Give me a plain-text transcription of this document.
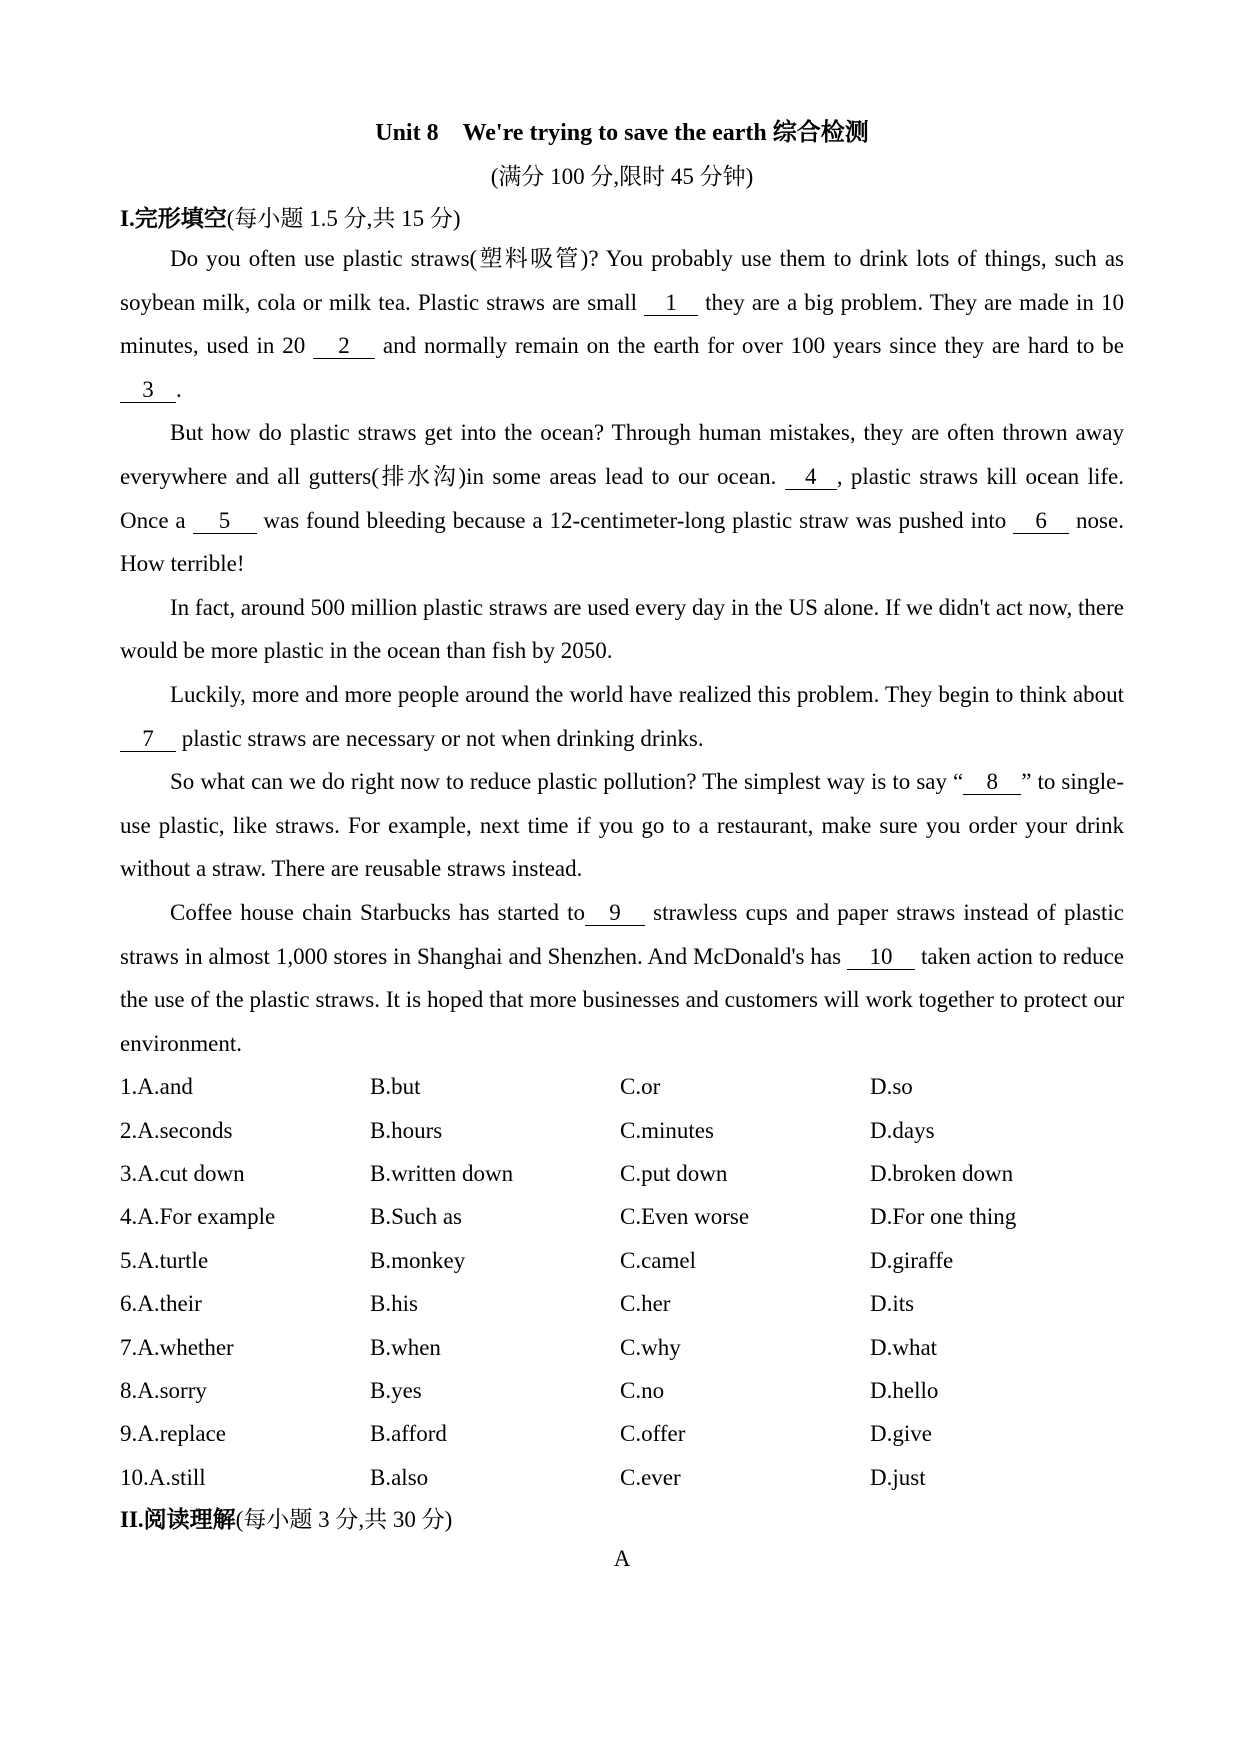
Unit 8 We're trying to save the earth 综合检测
(满分 100 分,限时 45 分钟)
I.完形填空(每小题 1.5 分,共 15 分)

Do you often use plastic straws(塑料吸管)? You probably use them to drink lots of things, such as soybean milk, cola or milk tea. Plastic straws are small 1 they are a big problem. They are made in 10 minutes, used in 20 2 and normally remain on the earth for over 100 years since they are hard to be 3 .

But how do plastic straws get into the ocean? Through human mistakes, they are often thrown away everywhere and all gutters(排水沟)in some areas lead to our ocean. 4 , plastic straws kill ocean life. Once a 5 was found bleeding because a 12-centimeter-long plastic straw was pushed into 6 nose. How terrible!

In fact, around 500 million plastic straws are used every day in the US alone. If we didn't act now, there would be more plastic in the ocean than fish by 2050.

Luckily, more and more people around the world have realized this problem. They begin to think about 7 plastic straws are necessary or not when drinking drinks.

So what can we do right now to reduce plastic pollution? The simplest way is to say “ 8 ” to single-use plastic, like straws. For example, next time if you go to a restaurant, make sure you order your drink without a straw. There are reusable straws instead.

Coffee house chain Starbucks has started to 9 strawless cups and paper straws instead of plastic straws in almost 1,000 stores in Shanghai and Shenzhen. And McDonald's has 10 taken action to reduce the use of the plastic straws. It is hoped that more businesses and customers will work together to protect our environment.

1.A.and	B.but	C.or	D.so
2.A.seconds	B.hours	C.minutes	D.days
3.A.cut down	B.written down	C.put down	D.broken down
4.A.For example	B.Such as	C.Even worse	D.For one thing
5.A.turtle	B.monkey	C.camel	D.giraffe
6.A.their	B.his	C.her	D.its
7.A.whether	B.when	C.why	D.what
8.A.sorry	B.yes	C.no	D.hello
9.A.replace	B.afford	C.offer	D.give
10.A.still	B.also	C.ever	D.just
II.阅读理解(每小题 3 分,共 30 分)
A
